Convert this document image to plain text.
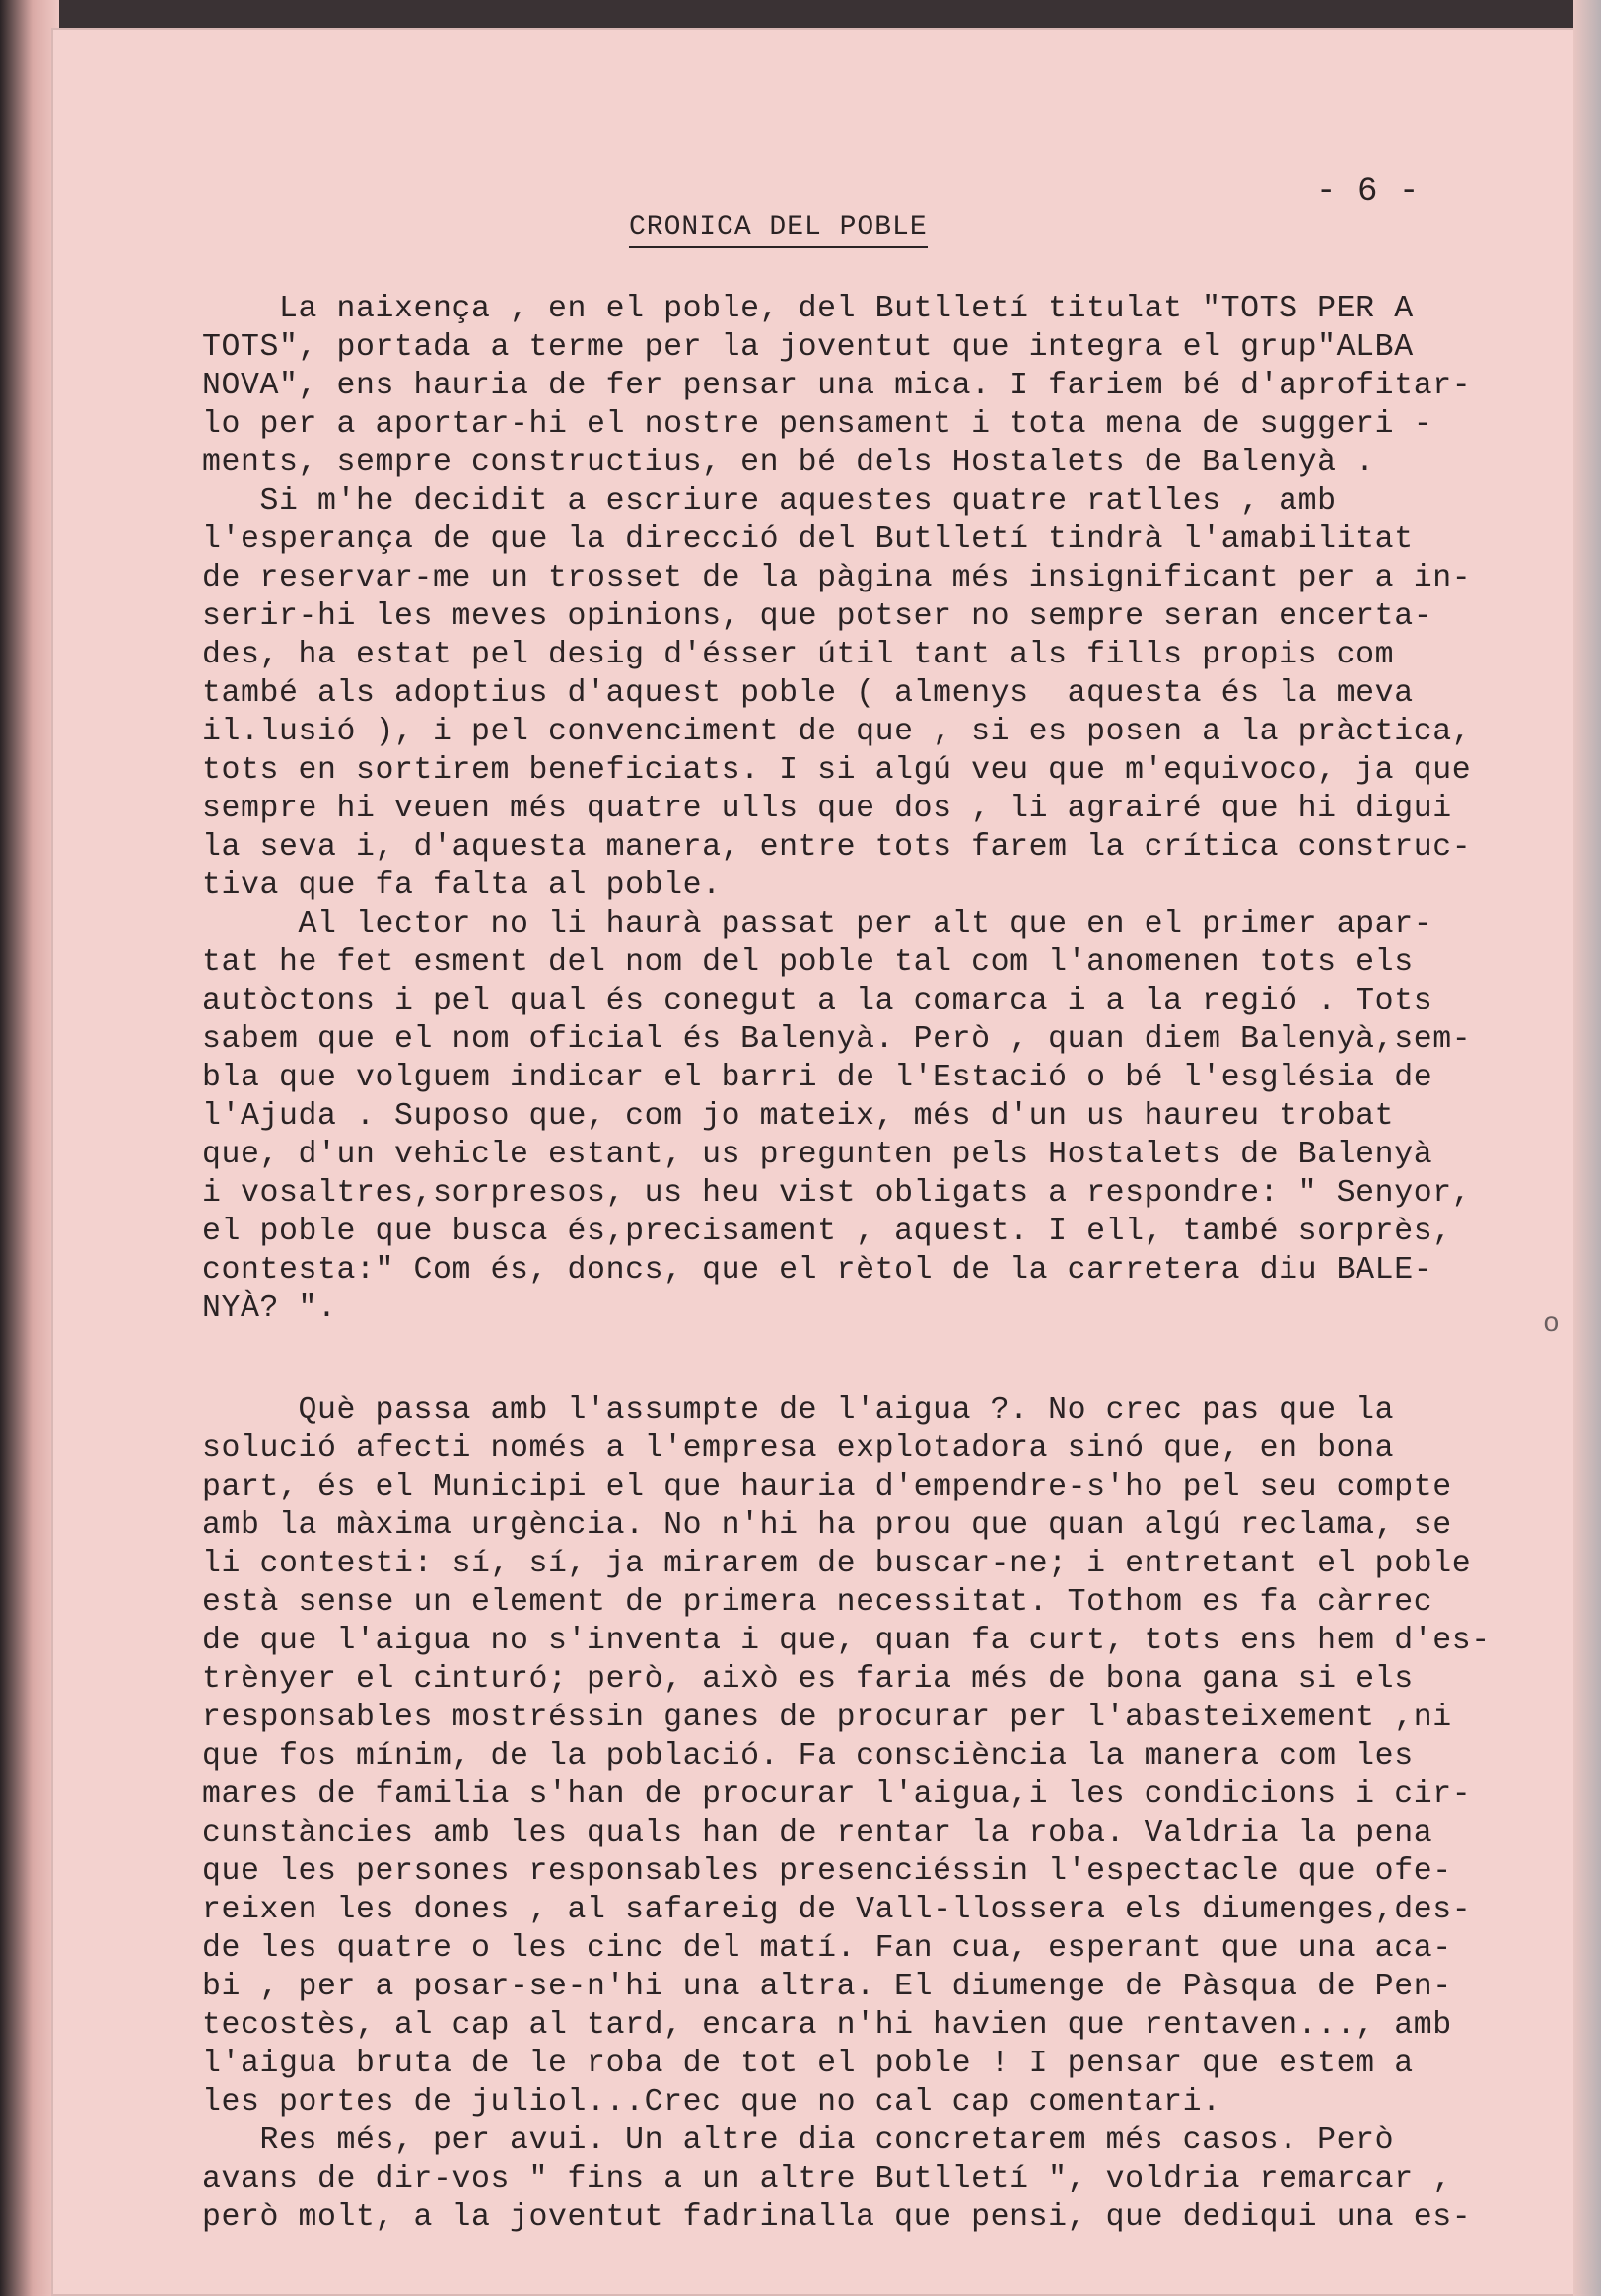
- 6 -
CRONICA DEL POBLE
La naixença , en el poble, del Butlletí titulat "TOTS PER A
TOTS", portada a terme per la joventut que integra el grup"ALBA
NOVA", ens hauria de fer pensar una mica. I fariem bé d'aprofitar-
lo per a aportar-hi el nostre pensament i tota mena de suggeri -
ments, sempre constructius, en bé dels Hostalets de Balenyà .
Si m'he decidit a escriure aquestes quatre ratlles , amb
l'esperança de que la direcció del Butlletí tindrà l'amabilitat
de reservar-me un trosset de la pàgina més insignificant per a in-
serir-hi les meves opinions, que potser no sempre seran encerta-
des, ha estat pel desig d'ésser útil tant als fills propis com
també als adoptius d'aquest poble ( almenys  aquesta és la meva
il.lusió ), i pel convenciment de que , si es posen a la pràctica,
tots en sortirem beneficiats. I si algú veu que m'equivoco, ja que
sempre hi veuen més quatre ulls que dos , li agrairé que hi digui
la seva i, d'aquesta manera, entre tots farem la crítica construc-
tiva que fa falta al poble.
Al lector no li haurà passat per alt que en el primer apar-
tat he fet esment del nom del poble tal com l'anomenen tots els
autòctons i pel qual és conegut a la comarca i a la regió . Tots
sabem que el nom oficial és Balenyà. Però , quan diem Balenyà,sem-
bla que volguem indicar el barri de l'Estació o bé l'església de
l'Ajuda . Suposo que, com jo mateix, més d'un us haureu trobat
que, d'un vehicle estant, us pregunten pels Hostalets de Balenyà
i vosaltres,sorpresos, us heu vist obligats a respondre: " Senyor,
el poble que busca és,precisament , aquest. I ell, també sorprès,
contesta:" Com és, doncs, que el rètol de la carretera diu BALE-
NYÀ? ".
Què passa amb l'assumpte de l'aigua ?. No crec pas que la
solució afecti només a l'empresa explotadora sinó que, en bona
part, és el Municipi el que hauria d'empendre-s'ho pel seu compte
amb la màxima urgència. No n'hi ha prou que quan algú reclama, se
li contesti: sí, sí, ja mirarem de buscar-ne; i entretant el poble
està sense un element de primera necessitat. Tothom es fa càrrec
de que l'aigua no s'inventa i que, quan fa curt, tots ens hem d'es-
trènyer el cinturó; però, això es faria més de bona gana si els
responsables mostréssin ganes de procurar per l'abasteixement ,ni
que fos mínim, de la població. Fa consciència la manera com les
mares de familia s'han de procurar l'aigua,i les condicions i cir-
cunstàncies amb les quals han de rentar la roba. Valdria la pena
que les persones responsables presenciéssin l'espectacle que ofe-
reixen les dones , al safareig de Vall-llossera els diumenges,des-
de les quatre o les cinc del matí. Fan cua, esperant que una aca-
bi , per a posar-se-n'hi una altra. El diumenge de Pàsqua de Pen-
tecostès, al cap al tard, encara n'hi havien que rentaven..., amb
l'aigua bruta de le roba de tot el poble ! I pensar que estem a
les portes de juliol...Crec que no cal cap comentari.
Res més, per avui. Un altre dia concretarem més casos. Però
avans de dir-vos " fins a un altre Butlletí ", voldria remarcar ,
però molt, a la joventut fadrinalla que pensi, que dediqui una es-
o
